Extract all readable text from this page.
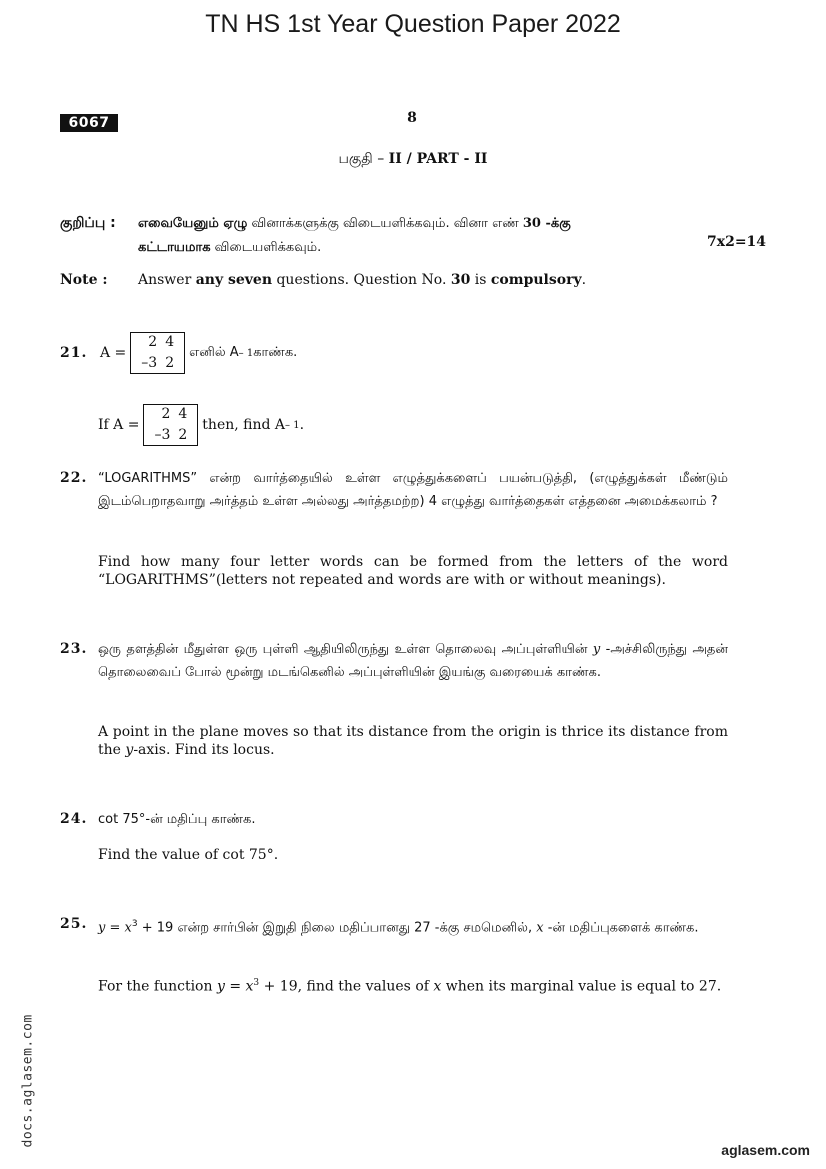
TN HS 1st Year Question Paper 2022
6067	8
பகுதி – II / PART - II
குறிப்பு : எவையேனும் ஏழு வினாக்களுக்கு விடையளிக்கவும். வினா எண் 30 -க்கு
கட்டாயமாக விடையளிக்கவும்.	7x2=14
Note : Answer any seven questions. Question No. 30 is compulsory.
21. A =
2	4
–3	2
எனில் A – 1 காண்க.
If A =
2	4
–3	2
then, find A – 1 .
22. “LOGARITHMS” என்ற வார்த்தையில் உள்ள எழுத்துக்களைப் பயன்படுத்தி, (எழுத்துக்கள் மீண்டும் இடம்பெறாதவாறு அர்த்தம் உள்ள அல்லது அர்த்தமற்ற) 4 எழுத்து வார்த்தைகள் எத்தனை அமைக்கலாம் ?
Find how many four letter words can be formed from the letters of the word “LOGARITHMS”(letters not repeated and words are with or without meanings).
23. ஒரு தளத்தின் மீதுள்ள ஒரு புள்ளி ஆதியிலிருந்து உள்ள தொலைவு அப்புள்ளியின் y -அச்சிலிருந்து அதன் தொலைவைப் போல் மூன்று மடங்கெனில் அப்புள்ளியின் இயங்கு வரையைக் காண்க.
A point in the plane moves so that its distance from the origin is thrice its distance from the y-axis. Find its locus.
24. cot 75°-ன் மதிப்பு காண்க.
Find the value of cot 75°.
25. $y = x^3 + 19$ என்ற சார்பின் இறுதி நிலை மதிப்பானது 27 -க்கு சமமெனில், x -ன் மதிப்புகளைக் காண்க.
For the function $y = x^3 + 19$, find the values of x when its marginal value is equal to 27.
docs.aglasem.com
aglasem.com
